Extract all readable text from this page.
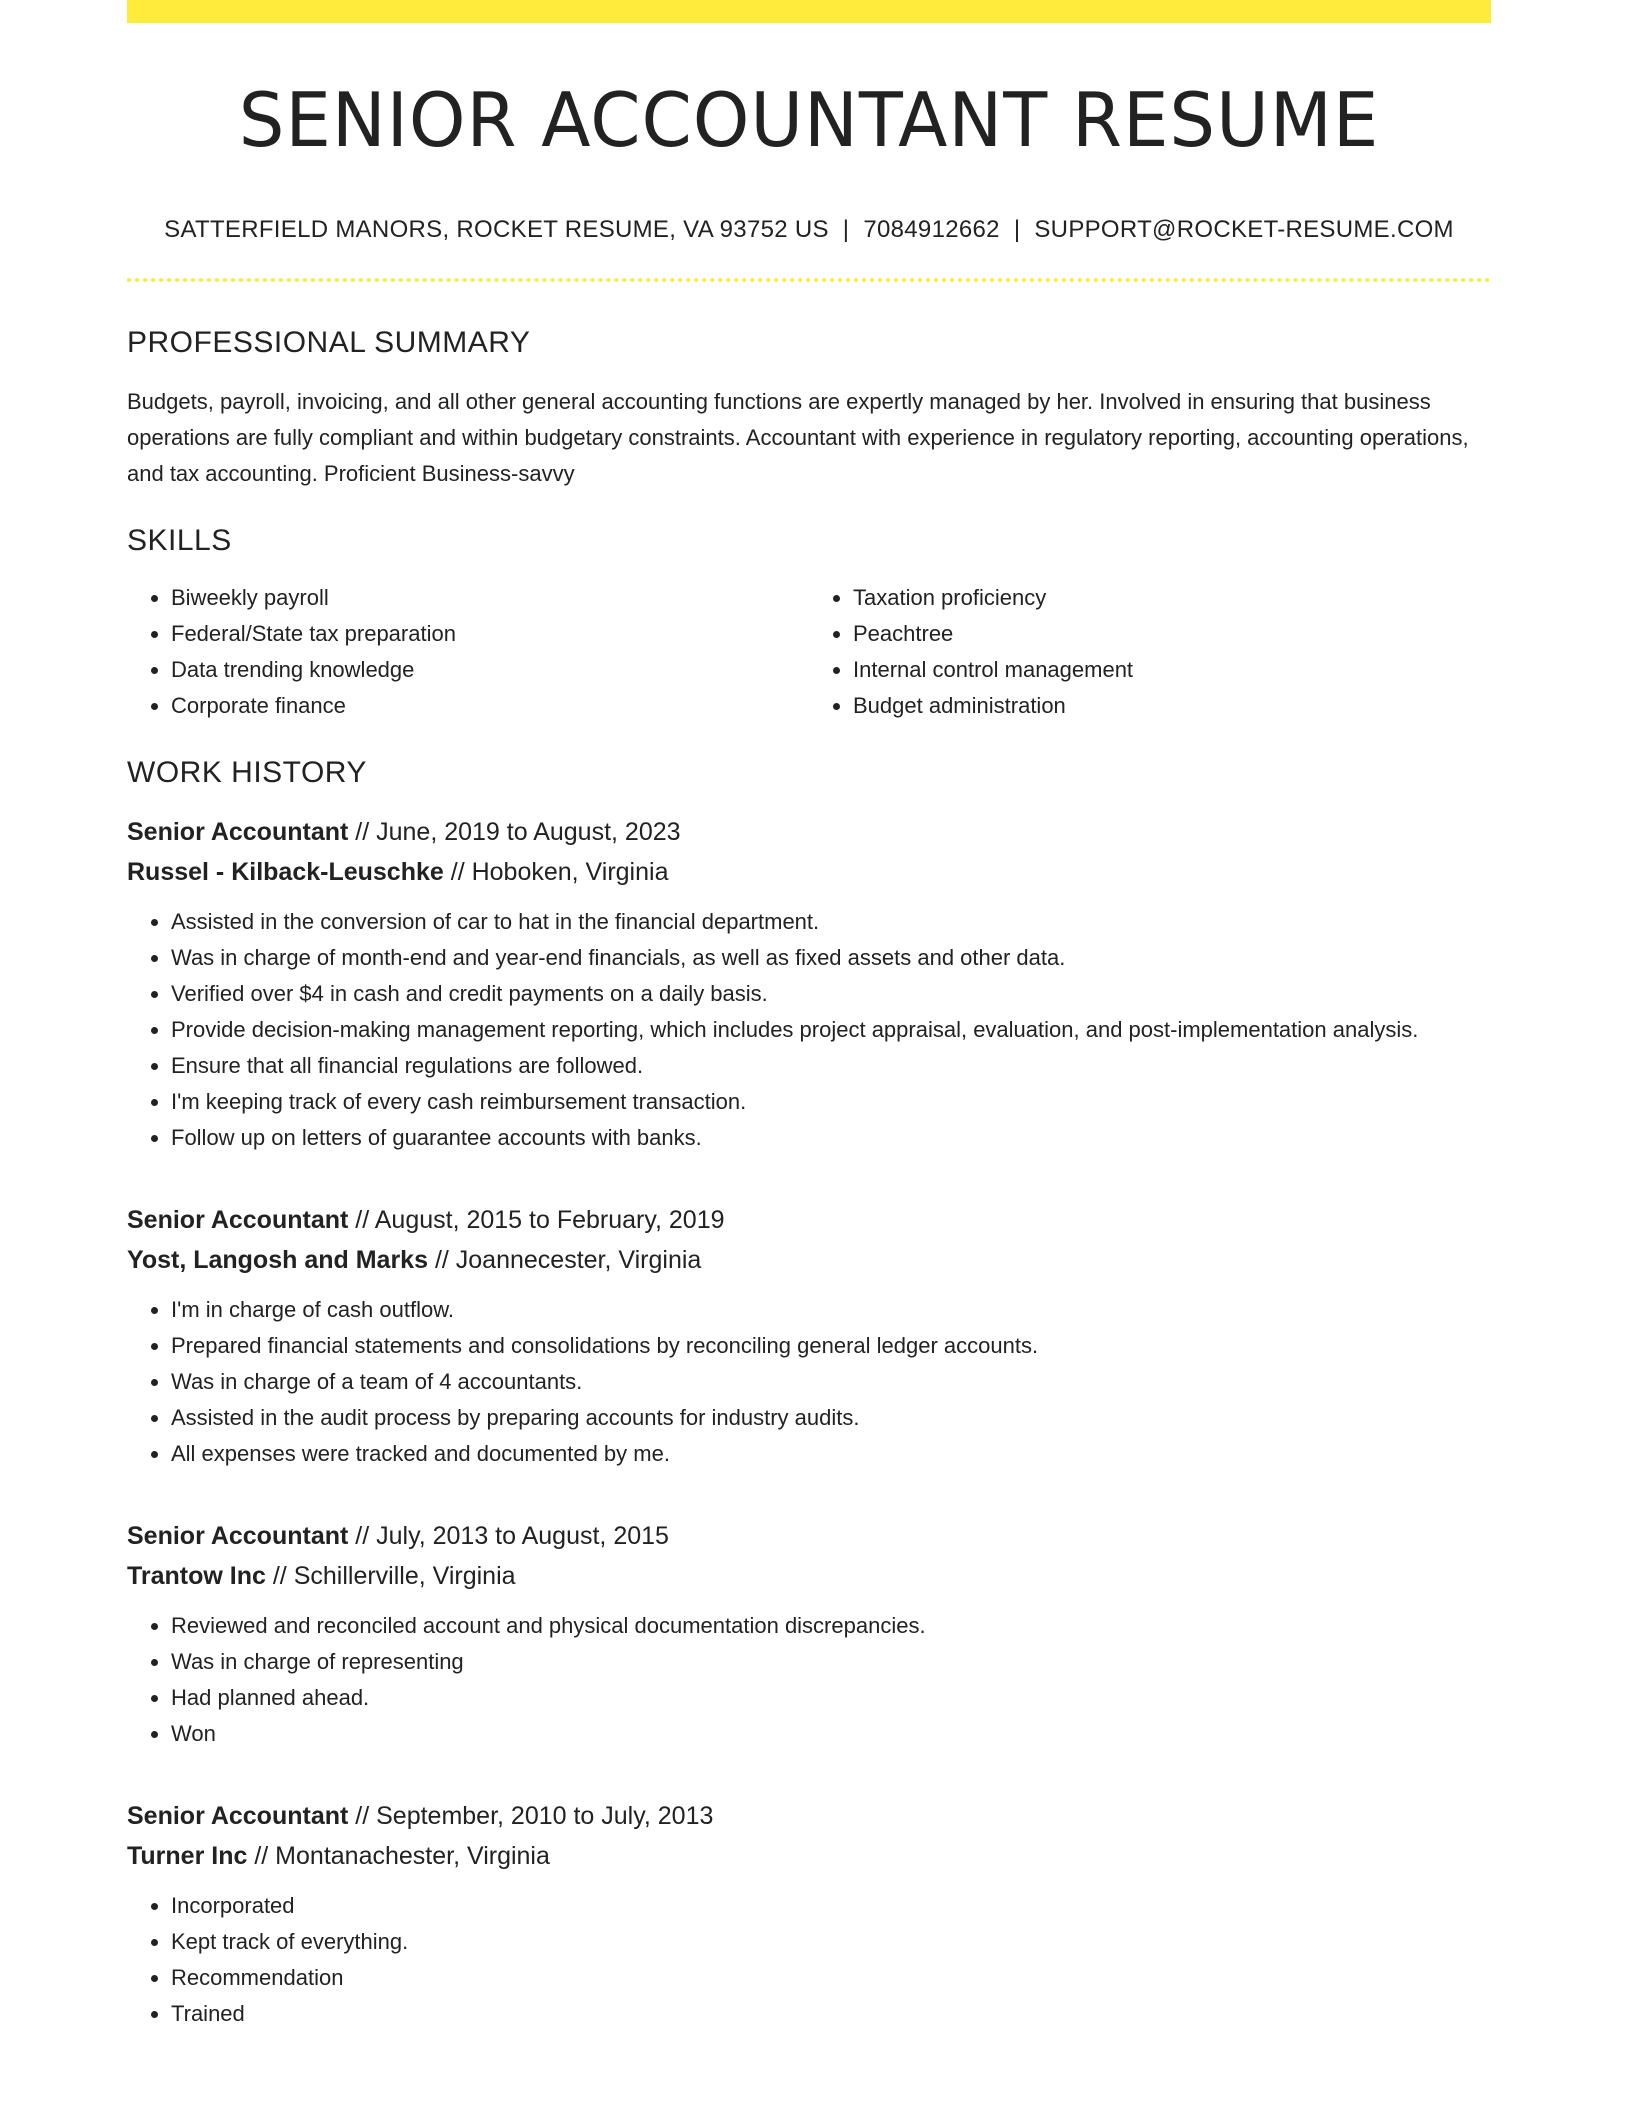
SENIOR ACCOUNTANT RESUME
SATTERFIELD MANORS, ROCKET RESUME, VA 93752 US | 7084912662 | SUPPORT@ROCKET-RESUME.COM
PROFESSIONAL SUMMARY
Budgets, payroll, invoicing, and all other general accounting functions are expertly managed by her. Involved in ensuring that business operations are fully compliant and within budgetary constraints. Accountant with experience in regulatory reporting, accounting operations, and tax accounting. Proficient Business-savvy
SKILLS
• Biweekly payroll
• Federal/State tax preparation
• Data trending knowledge
• Corporate finance
• Taxation proficiency
• Peachtree
• Internal control management
• Budget administration
WORK HISTORY
Senior Accountant // June, 2019 to August, 2023
Russel - Kilback-Leuschke // Hoboken, Virginia
• Assisted in the conversion of car to hat in the financial department.
• Was in charge of month-end and year-end financials, as well as fixed assets and other data.
• Verified over $4 in cash and credit payments on a daily basis.
• Provide decision-making management reporting, which includes project appraisal, evaluation, and post-implementation analysis.
• Ensure that all financial regulations are followed.
• I'm keeping track of every cash reimbursement transaction.
• Follow up on letters of guarantee accounts with banks.
Senior Accountant // August, 2015 to February, 2019
Yost, Langosh and Marks // Joannecester, Virginia
• I'm in charge of cash outflow.
• Prepared financial statements and consolidations by reconciling general ledger accounts.
• Was in charge of a team of 4 accountants.
• Assisted in the audit process by preparing accounts for industry audits.
• All expenses were tracked and documented by me.
Senior Accountant // July, 2013 to August, 2015
Trantow Inc // Schillerville, Virginia
• Reviewed and reconciled account and physical documentation discrepancies.
• Was in charge of representing
• Had planned ahead.
• Won
Senior Accountant // September, 2010 to July, 2013
Turner Inc // Montanachester, Virginia
• Incorporated
• Kept track of everything.
• Recommendation
• Trained
